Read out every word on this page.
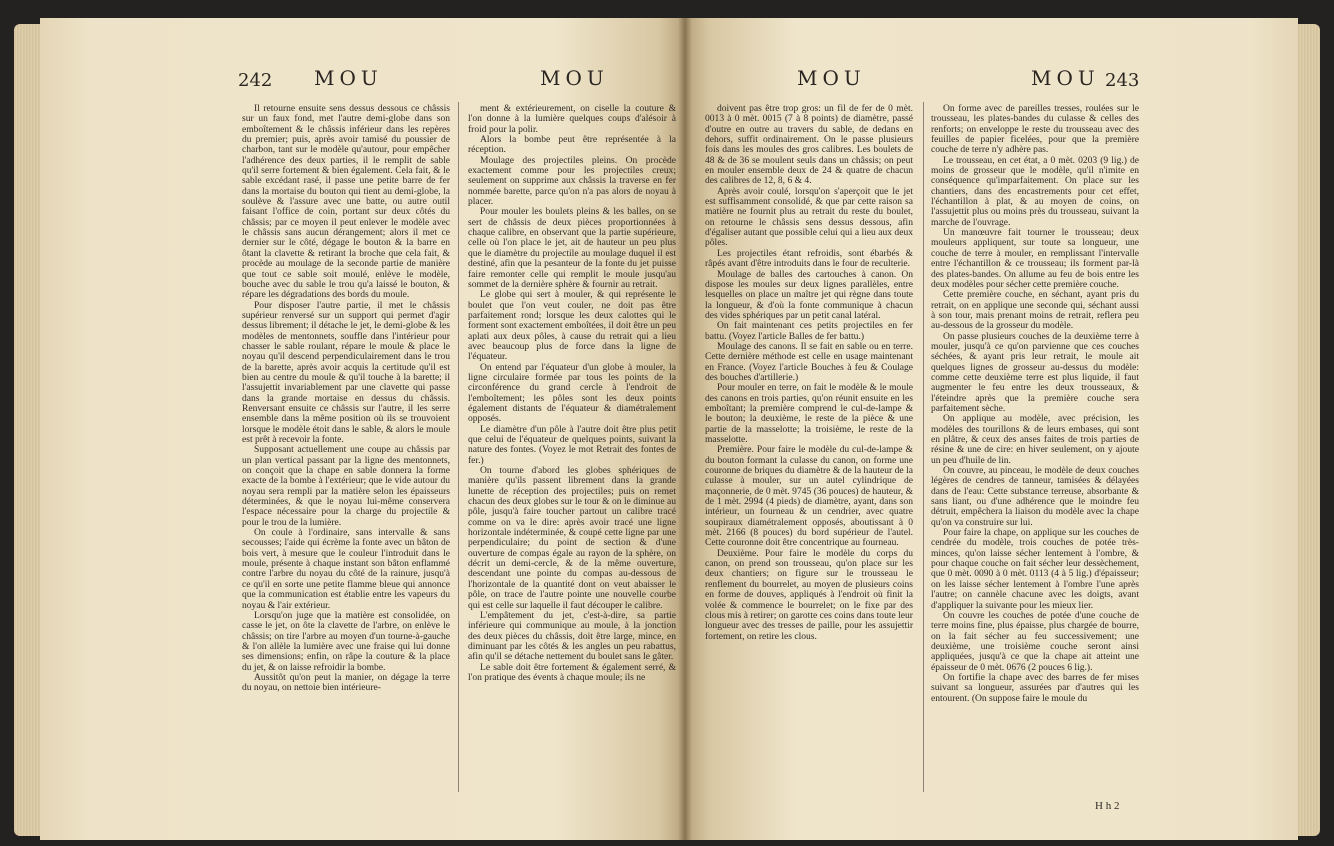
242 MOU	MOU

Il retourne ensuite sens dessus dessous ce châssis sur un faux fond, met l'autre demi-globe dans son emboîtement & le châssis inférieur dans les repères du premier; puis, après avoir tamisé du poussier de charbon, tant sur le modèle qu'autour, pour empêcher l'adhérence des deux parties, il le remplit de sable qu'il serre fortement & bien également. Cela fait, & le sable excédant rasé, il passe une petite barre de fer dans la mortaise du bouton qui tient au demi-globe, la soulève & l'assure avec une batte, ou autre outil faisant l'office de coin, portant sur deux côtés du châssis; par ce moyen il peut enlever le modèle avec le châssis sans aucun dérangement; alors il met ce dernier sur le côté, dégage le bouton & la barre en ôtant la clavette & retirant la broche que cela fait, & procède au moulage de la seconde partie de manière que tout ce sable soit moulé, enlève le modèle, bouche avec du sable le trou qu'a laissé le bouton, & répare les dégradations des bords du moule.

Pour disposer l'autre partie, il met le châssis supérieur renversé sur un support qui permet d'agir dessus librement; il détache le jet, le demi-globe & les modèles de mentonnets, souffle dans l'intérieur pour chasser le sable roulant, répare le moule & place le noyau qu'il descend perpendiculairement dans le trou de la barette, après avoir acquis la certitude qu'il est bien au centre du moule & qu'il touche à la barette; il l'assujettit invariablement par une clavette qui passe dans la grande mortaise en dessus du châssis. Renversant ensuite ce châssis sur l'autre, il les serre ensemble dans la même position où ils se trouvoient lorsque le modèle étoit dans le sable, & alors le moule est prêt à recevoir la fonte.

Supposant actuellement une coupe au châssis par un plan vertical passant par la ligne des mentonnets, on conçoit que la chape en sable donnera la forme exacte de la bombe à l'extérieur; que le vide autour du noyau sera rempli par la matière selon les épaisseurs déterminées, & que le noyau lui-même conservera l'espace nécessaire pour la charge du projectile & pour le trou de la lumière.

On coule à l'ordinaire, sans intervalle & sans secousses; l'aide qui écrème la fonte avec un bâton de bois vert, à mesure que le couleur l'introduit dans le moule, présente à chaque instant son bâton enflammé contre l'arbre du noyau du côté de la rainure, jusqu'à ce qu'il en sorte une petite flamme bleue qui annonce que la communication est établie entre les vapeurs du noyau & l'air extérieur.

Lorsqu'on juge que la matière est consolidée, on casse le jet, on ôte la clavette de l'arbre, on enlève le châssis; on tire l'arbre au moyen d'un tourne-à-gauche & l'on allèle la lumière avec une fraise qui lui donne ses dimensions; enfin, on râpe la couture & la place du jet, & on laisse refroidir la bombe.

Aussitôt qu'on peut la manier, on dégage la terre du noyau, on nettoie bien intérieure-

ment & extérieurement, on ciselle la couture & l'on donne à la lumière quelques coups d'alésoir à froid pour la polir.

Alors la bombe peut être représentée à la réception.

Moulage des projectiles pleins. On procède exactement comme pour les projectiles creux; seulement on supprime aux châssis la traverse en fer nommée barette, parce qu'on n'a pas alors de noyau à placer.

Pour mouler les boulets pleins & les balles, on se sert de châssis de deux pièces proportionnées à chaque calibre, en observant que la partie supérieure, celle où l'on place le jet, ait de hauteur un peu plus que le diamètre du projectile au moulage duquel il est destiné, afin que la pesanteur de la fonte du jet puisse faire remonter celle qui remplit le moule jusqu'au sommet de la dernière sphère & fournir au retrait.

Le globe qui sert à mouler, & qui représente le boulet que l'on veut couler, ne doit pas être parfaitement rond; lorsque les deux calottes qui le forment sont exactement emboîtées, il doit être un peu aplati aux deux pôles, à cause du retrait qui a lieu avec beaucoup plus de force dans la ligne de l'équateur.

On entend par l'équateur d'un globe à mouler, la ligne circulaire formée par tous les points de la circonférence du grand cercle à l'endroit de l'emboîtement; les pôles sont les deux points également distants de l'équateur & diamétralement opposés.

Le diamètre d'un pôle à l'autre doit être plus petit que celui de l'équateur de quelques points, suivant la nature des fontes. (Voyez le mot Retrait des fontes de fer.)

On tourne d'abord les globes sphériques de manière qu'ils passent librement dans la grande lunette de réception des projectiles; puis on remet chacun des deux globes sur le tour & on le diminue au pôle, jusqu'à faire toucher partout un calibre tracé comme on va le dire: après avoir tracé une ligne horizontale indéterminée, & coupé cette ligne par une perpendiculaire; du point de section & d'une ouverture de compas égale au rayon de la sphère, on décrit un demi-cercle, & de la même ouverture, descendant une pointe du compas au-dessous de l'horizontale de la quantité dont on veut abaisser le pôle, on trace de l'autre pointe une nouvelle courbe qui est celle sur laquelle il faut découper le calibre.

L'empâtement du jet, c'est-à-dire, sa partie inférieure qui communique au moule, à la jonction des deux pièces du châssis, doit être large, mince, en diminuant par les côtés & les angles un peu rabattus, afin qu'il se détache nettement du boulet sans le gâter.

Le sable doit être fortement & également serré, & l'on pratique des évents à chaque moule; ils ne

MOU	MOU 243

doivent pas être trop gros: un fil de fer de 0 mèt. 0013 à 0 mèt. 0015 (7 à 8 points) de diamètre, passé d'outre en outre au travers du sable, de dedans en dehors, suffit ordinairement. On le passe plusieurs fois dans les moules des gros calibres. Les boulets de 48 & de 36 se moulent seuls dans un châssis; on peut en mouler ensemble deux de 24 & quatre de chacun des calibres de 12, 8, 6 & 4.

Après avoir coulé, lorsqu'on s'aperçoit que le jet est suffisamment consolidé, & que par cette raison sa matière ne fournit plus au retrait du reste du boulet, on retourne le châssis sens dessus dessous, afin d'égaliser autant que possible celui qui a lieu aux deux pôles.

Les projectiles étant refroidis, sont ébarbés & râpés avant d'être introduits dans le four de reculterie.

Moulage de balles des cartouches à canon. On dispose les moules sur deux lignes parallèles, entre lesquelles on place un maître jet qui règne dans toute la longueur, & d'où la fonte communique à chacun des vides sphériques par un petit canal latéral.

On fait maintenant ces petits projectiles en fer battu. (Voyez l'article Balles de fer battu.)

Moulage des canons. Il se fait en sable ou en terre. Cette dernière méthode est celle en usage maintenant en France. (Voyez l'article Bouches à feu & Coulage des bouches d'artillerie.)

Pour mouler en terre, on fait le modèle & le moule des canons en trois parties, qu'on réunit ensuite en les emboîtant; la première comprend le cul-de-lampe & le bouton; la deuxième, le reste de la pièce & une partie de la masselotte; la troisième, le reste de la masselotte.

Première. Pour faire le modèle du cul-de-lampe & du bouton formant la culasse du canon, on forme une couronne de briques du diamètre & de la hauteur de la culasse à mouler, sur un autel cylindrique de maçonnerie, de 0 mèt. 9745 (36 pouces) de hauteur, & de 1 mèt. 2994 (4 pieds) de diamètre, ayant, dans son intérieur, un fourneau & un cendrier, avec quatre soupiraux diamétralement opposés, aboutissant à 0 mèt. 2166 (8 pouces) du bord supérieur de l'autel. Cette couronne doit être concentrique au fourneau.

Deuxième. Pour faire le modèle du corps du canon, on prend son trousseau, qu'on place sur les deux chantiers; on figure sur le trousseau le renflement du bourrelet, au moyen de plusieurs coins en forme de douves, appliqués à l'endroit où finit la volée & commence le bourrelet; on le fixe par des clous mis à retirer; on garotte ces coins dans toute leur longueur avec des tresses de paille, pour les assujettir fortement, on retire les clous.

On forme avec de pareilles tresses, roulées sur le trousseau, les plates-bandes du culasse & celles des renforts; on enveloppe le reste du trousseau avec des feuilles de papier ficelées, pour que la première couche de terre n'y adhère pas.

Le trousseau, en cet état, a 0 mèt. 0203 (9 lig.) de moins de grosseur que le modèle, qu'il n'imite en conséquence qu'imparfaitement. On place sur les chantiers, dans des encastrements pour cet effet, l'échantillon à plat, & au moyen de coins, on l'assujettit plus ou moins près du trousseau, suivant la marche de l'ouvrage.

Un manœuvre fait tourner le trousseau; deux mouleurs appliquent, sur toute sa longueur, une couche de terre à mouler, en remplissant l'intervalle entre l'échantillon & ce trousseau; ils forment par-là des plates-bandes. On allume au feu de bois entre les deux modèles pour sécher cette première couche.

Cette première couche, en séchant, ayant pris du retrait, on en applique une seconde qui, séchant aussi à son tour, mais prenant moins de retrait, reflera peu au-dessous de la grosseur du modèle.

On passe plusieurs couches de la deuxième terre à mouler, jusqu'à ce qu'on parvienne que ces couches séchées, & ayant pris leur retrait, le moule ait quelques lignes de grosseur au-dessus du modèle: comme cette deuxième terre est plus liquide, il faut augmenter le feu entre les deux trousseaux, & l'éteindre après que la première couche sera parfaitement sèche.

On applique au modèle, avec précision, les modèles des tourillons & de leurs embases, qui sont en plâtre, & ceux des anses faites de trois parties de résine & une de cire: en hiver seulement, on y ajoute un peu d'huile de lin.

On couvre, au pinceau, le modèle de deux couches légères de cendres de tanneur, tamisées & délayées dans de l'eau: Cette substance terreuse, absorbante & sans liant, ou d'une adhérence que le moindre feu détruit, empêchera la liaison du modèle avec la chape qu'on va construire sur lui.

Pour faire la chape, on applique sur les couches de cendrée du modèle, trois couches de potée très-minces, qu'on laisse sécher lentement à l'ombre, & pour chaque couche on fait sécher leur dessèchement, que 0 mèt. 0090 à 0 mèt. 0113 (4 à 5 lig.) d'épaisseur; on les laisse sécher lentement à l'ombre l'une après l'autre; on cannèle chacune avec les doigts, avant d'appliquer la suivante pour les mieux lier.

On couvre les couches de potée d'une couche de terre moins fine, plus épaisse, plus chargée de bourre, on la fait sécher au feu successivement; une deuxième, une troisième couche seront ainsi appliquées, jusqu'à ce que la chape ait atteint une épaisseur de 0 mèt. 0676 (2 pouces 6 lig.).

On fortifie la chape avec des barres de fer mises suivant sa longueur, assurées par d'autres qui les entourent. (On suppose faire le moule du

H h 2
